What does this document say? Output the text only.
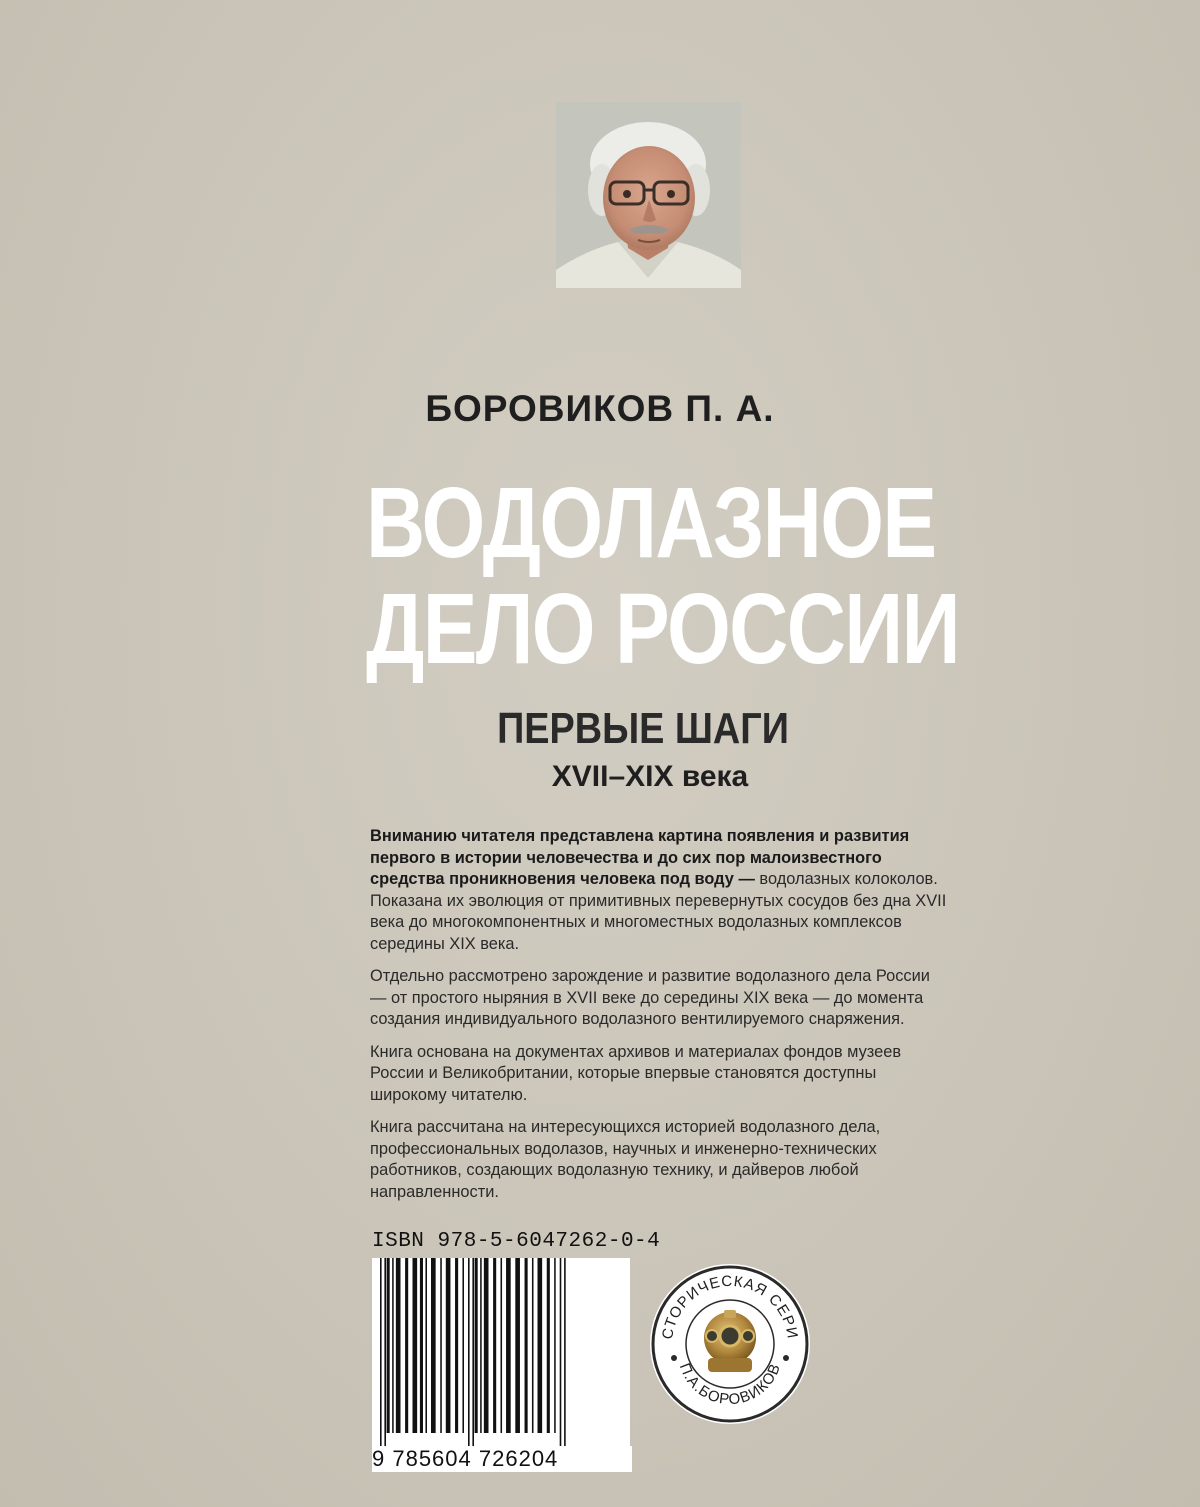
БОРОВИКОВ П. А.
ВОДОЛАЗНОЕ
ДЕЛО РОССИИ
ПЕРВЫЕ ШАГИ
XVII–XIX века

Вниманию читателя представлена картина появления и развития первого в истории человечества и до сих пор малоизвестного средства проникновения человека под воду — водолазных колоколов. Показана их эволюция от примитивных перевернутых сосудов без дна XVII века до многокомпонентных и многоместных водолазных комплексов середины XIX века.

Отдельно рассмотрено зарождение и развитие водолазного дела России — от простого ныряния в XVII веке до середины XIX века — до момента создания индивидуального водолазного вентилируемого снаряжения.

Книга основана на документах архивов и материалах фондов музеев России и Великобритании, которые впервые становятся доступны широкому читателю.

Книга рассчитана на интересующихся историей водолазного дела, профессиональных водолазов, научных и инженерно-технических работников, создающих водолазную технику, и дайверов любой направленности.

ISBN 978-5-6047262-0-4
9 785604 726204
СТОРИЧЕСКАЯ СЕРИ
П.А.БОРОВИКОВ
